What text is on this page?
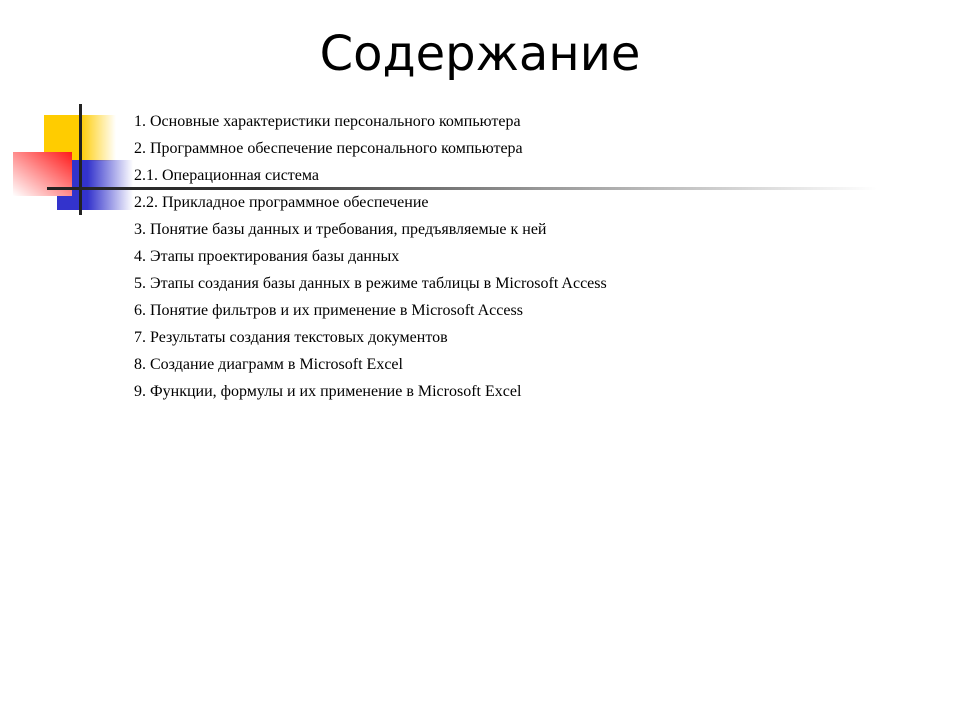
Содержание
1. Основные характеристики персонального компьютера
2. Программное обеспечение персонального компьютера
2.1. Операционная система
2.2. Прикладное программное обеспечение
3. Понятие базы данных и требования, предъявляемые к ней
4. Этапы проектирования базы данных
5. Этапы создания базы данных в режиме таблицы в Microsoft Access
6. Понятие фильтров и их применение в Microsoft Access
7. Результаты создания текстовых документов
8. Создание диаграмм в Microsoft Excel
9. Функции, формулы и их применение в Microsoft Excel
